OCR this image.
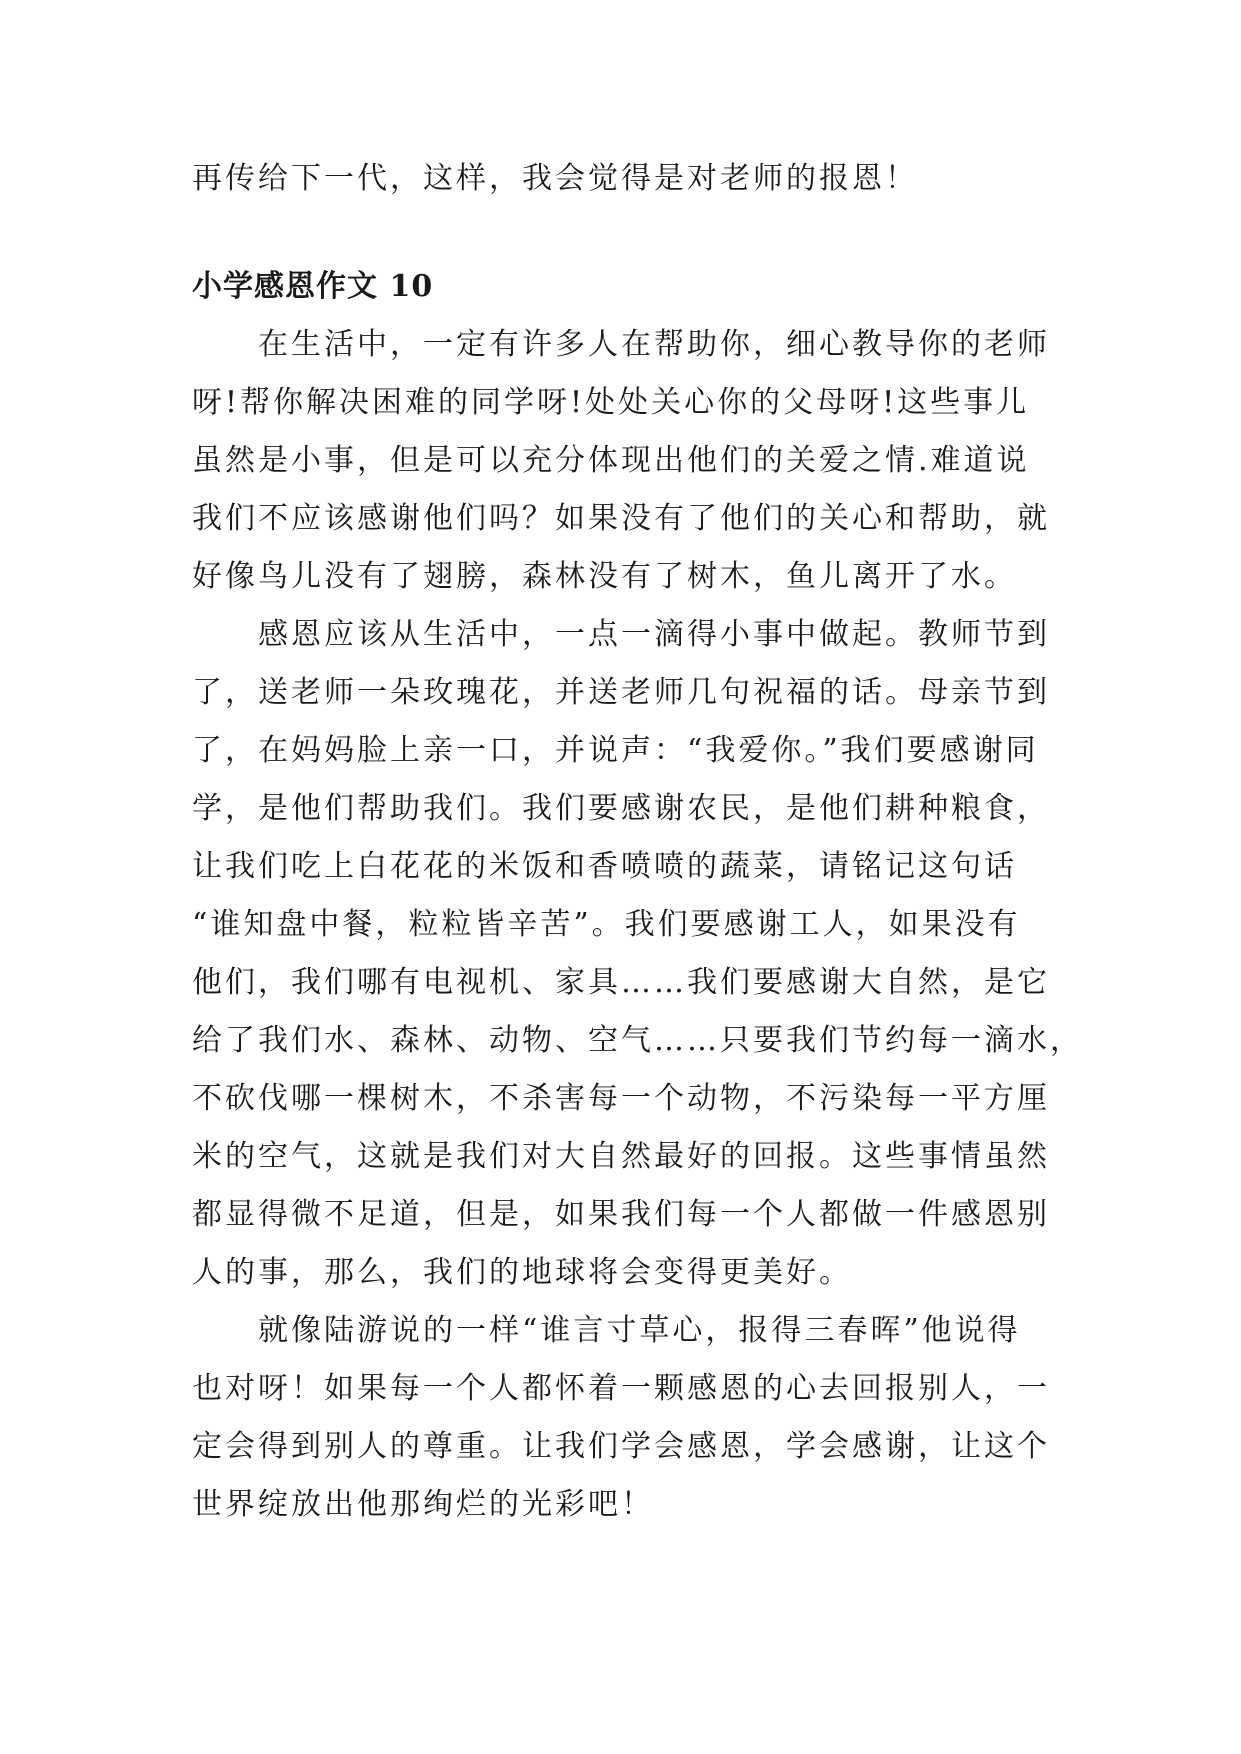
再传给下一代，这样，我会觉得是对老师的报恩！

小学感恩作文 10

在生活中，一定有许多人在帮助你，细心教导你的老师

呀!帮你解决困难的同学呀!处处关心你的父母呀!这些事儿

虽然是小事，但是可以充分体现出他们的关爱之情.难道说

我们不应该感谢他们吗？如果没有了他们的关心和帮助，就

好像鸟儿没有了翅膀，森林没有了树木，鱼儿离开了水。

感恩应该从生活中，一点一滴得小事中做起。教师节到

了，送老师一朵玫瑰花，并送老师几句祝福的话。母亲节到

了，在妈妈脸上亲一口，并说声：“我爱你。”我们要感谢同

学，是他们帮助我们。我们要感谢农民，是他们耕种粮食，

让我们吃上白花花的米饭和香喷喷的蔬菜，请铭记这句话

“谁知盘中餐，粒粒皆辛苦”。我们要感谢工人，如果没有

他们，我们哪有电视机、家具……我们要感谢大自然，是它

给了我们水、森林、动物、空气……只要我们节约每一滴水，

不砍伐哪一棵树木，不杀害每一个动物，不污染每一平方厘

米的空气，这就是我们对大自然最好的回报。这些事情虽然

都显得微不足道，但是，如果我们每一个人都做一件感恩别

人的事，那么，我们的地球将会变得更美好。

就像陆游说的一样“谁言寸草心，报得三春晖”他说得

也对呀！如果每一个人都怀着一颗感恩的心去回报别人，一

定会得到别人的尊重。让我们学会感恩，学会感谢，让这个

世界绽放出他那绚烂的光彩吧！
